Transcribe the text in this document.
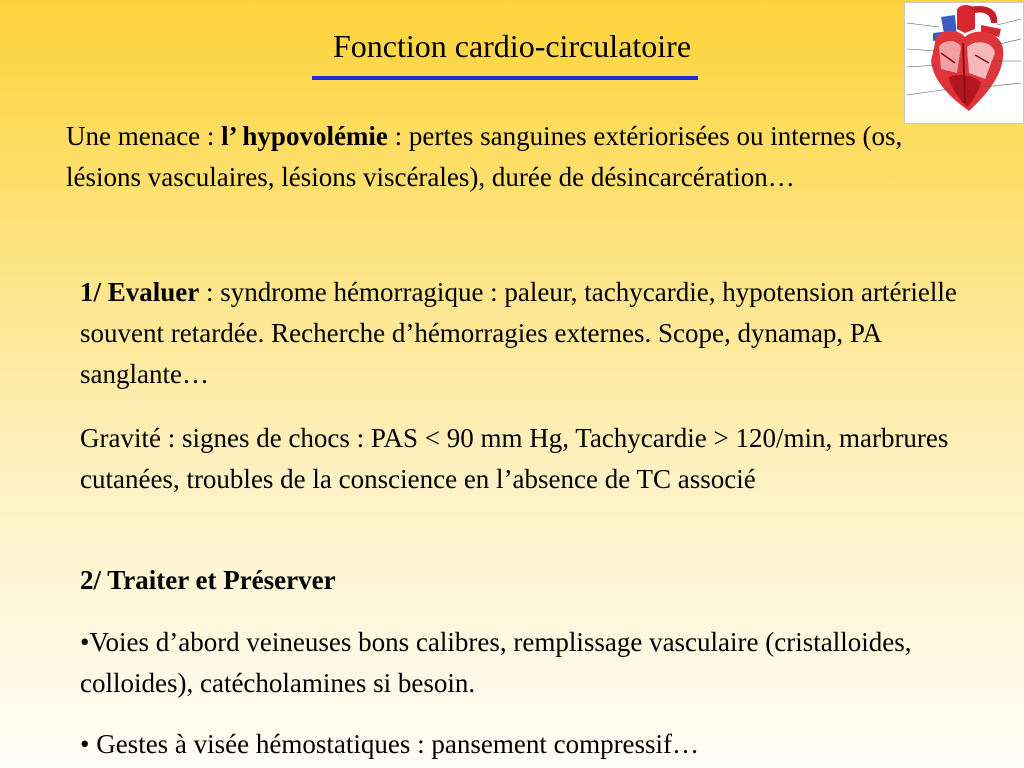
Fonction cardio-circulatoire

Une menace : l’ hypovolémie : pertes sanguines extériorisées ou internes (os, lésions vasculaires, lésions viscérales), durée de désincarcération…

1/ Evaluer : syndrome hémorragique : paleur, tachycardie, hypotension artérielle souvent retardée. Recherche d’hémorragies externes. Scope, dynamap, PA sanglante…

Gravité : signes de chocs : PAS < 90 mm Hg, Tachycardie > 120/min, marbrures cutanées, troubles de la conscience en l’absence de TC associé

2/ Traiter et Préserver

•Voies d’abord veineuses bons calibres, remplissage vasculaire (cristalloides, colloides), catécholamines si besoin.

• Gestes à visée hémostatiques : pansement compressif…
